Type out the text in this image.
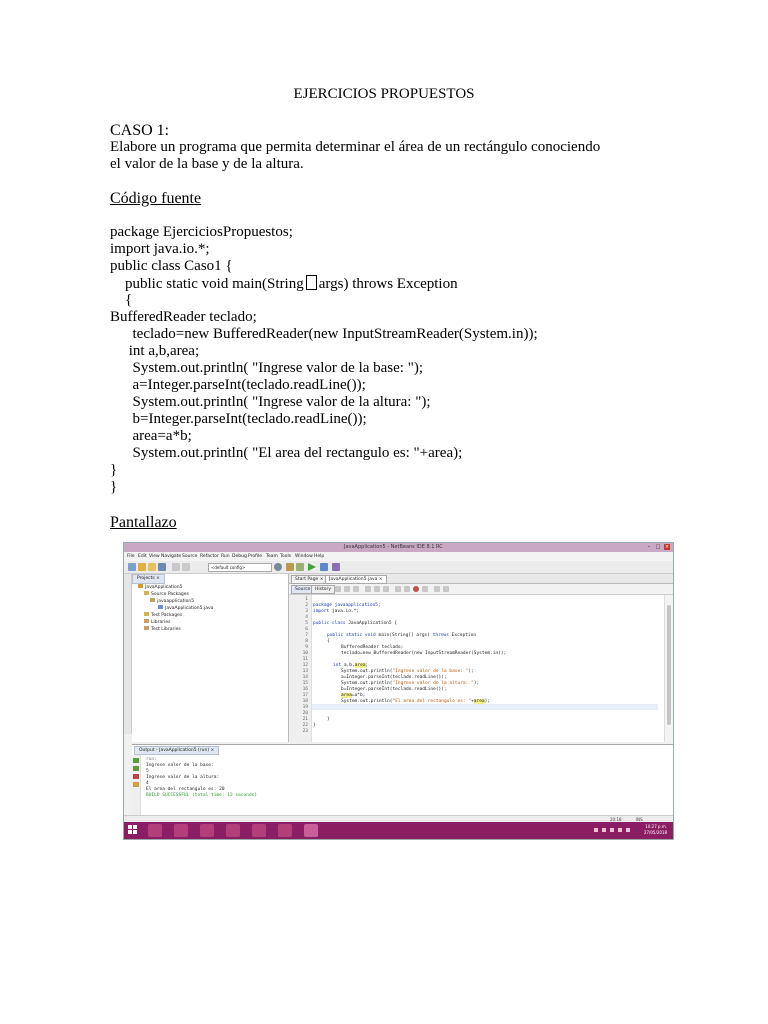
EJERCICIOS PROPUESTOS
CASO 1:
Elabore un programa que permita determinar el área de un rectángulo conociendo
el valor de la base y de la altura.
Código fuente
package EjerciciosPropuestos;
import java.io.*;
public class Caso1 {
public static void main(String args) throws Exception
{
BufferedReader teclado;
teclado=new BufferedReader(new InputStreamReader(System.in));
int a,b,area;
System.out.println( "Ingrese valor de la base: ");
a=Integer.parseInt(teclado.readLine());
System.out.println( "Ingrese valor de la altura: ");
b=Integer.parseInt(teclado.readLine());
area=a*b;
System.out.println( "El area del rectangulo es: "+area);
}
}
Pantallazo
JavaApplication5 - NetBeans IDE 8.1 RC	–	□ ×
File Edit View Navigate Source Refactor Run Debug Profile Team Tools Window Help
<default config>
Projects ×
JavaApplication5
Source Packages
javaapplication5
JavaApplication5.java
Test Packages
Libraries
Test Libraries
Start Page ×	JavaApplication5.java ×
Source	History
1
2
3
4
5
6
7
8
9
10
11
12
13
14
15
16
17
18
19
20
21
22
23
package javaapplication5;
import java.io.*;
public class JavaApplication5 {
public static void main(String[] args) throws Exception
{
BufferedReader teclado;
teclado=new BufferedReader(new InputStreamReader(System.in));
int a,b,area;
System.out.println("Ingrese valor de la base: ");
a=Integer.parseInt(teclado.readLine());
System.out.println("Ingrese valor de la altura: ");
b=Integer.parseInt(teclado.readLine());
area=a*b;
System.out.println("El area del rectangulo es: "+area);
}
}
Output - JavaApplication5 (run) ×
run:
Ingrese valor de la base:
5
Ingrese valor de la altura:
4
El area del rectangulo es: 20
BUILD SUCCESSFUL (total time: 12 seconds)
20:18	INS
10:27 p.m.
27/05/2018
